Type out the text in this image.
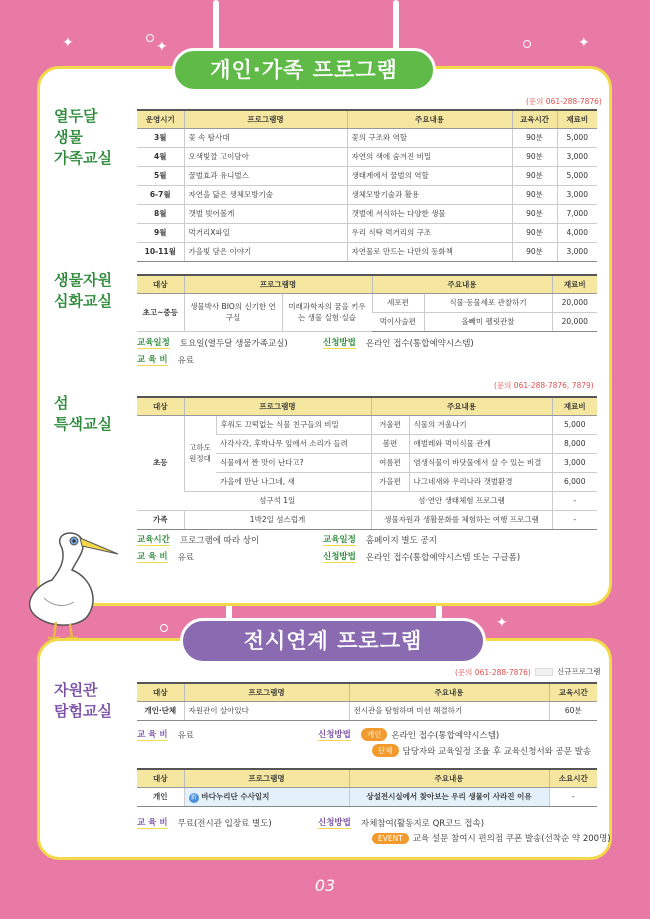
✦	✦	✦
✦
개인·가족 프로그램
열두달
생물
가족교실
(문의 061-288-7876)
운영시기	프로그램명	주요내용	교육시간	재료비
3월	꽃 속 탐사대	꽃의 구조와 역할	90분	5,000
4월	오색빛깔 고이담아	자연의 색에 숨겨진 비밀	90분	3,000
5월	꿀벌효과 유니벌스	생태계에서 꿀벌의 역할	90분	5,000
6-7월	자연을 닮은 생체모방기술	생체모방기술과 활용	90분	3,000
8월	갯벌 빚어볼게	갯벌에 서식하는 다양한 생물	90분	7,000
9월	먹거리X파일	우리 식탁 먹거리의 구조	90분	4,000
10-11월	가을빛 담은 이야기	자연물로 만드는 나만의 동화책	90분	3,000
생물자원
심화교실
대상	프로그램명		주요내용		재료비
초고~중등	생물박사 BIO의 신기한 연구실	미래과학자의 꿈을 키우는 생물 실험·실습	세포편	식물·동물세포 관찰하기	20,000
			먹이사슬편	올빼미 펠릿관찰	20,000
교육일정 토요일(열두달 생물가족교실)	신청방법 온라인 접수(통합예약시스템)
교 육 비 유료
섬
특색교실
(문의 061-288-7876, 7879)
대상	프로그램명		주요내용		재료비
초등	고하도 원정대	후워도 끄떡없는 식물 친구들의 비밀	겨울편	식물의 겨울나기	5,000
		사각사각, 후박나무 잎에서 소리가 들려	봄편	애벌레와 먹이식물 관계	8,000
		식물에서 짠 맛이 난다고?	여름편	염생식물이 바닷물에서 살 수 있는 비결	3,000
		가을에 만난 나그네, 새	가을편	나그네새와 우리나라 갯벌환경	6,000
	섬구석 1일		섬·연안 생태체험 프로그램		-
가족	1박2일 섬스럽게		생물자원과 생활문화를 체험하는 여행 프로그램		-
교육시간 프로그램에 따라 상이	교육일정 홈페이지 별도 공지
교 육 비 유료	신청방법 온라인 접수(통합예약시스템 또는 구글폼)
전시연계 프로그램
자원관
탐험교실
(문의 061-288-7876)	신규프로그램
대상	프로그램명	주요내용	교육시간
개인·단체	자원관이 살아있다	전시관을 탐험하며 미션 해결하기	60분
교 육 비 유료	신청방법	개인	온라인 접수(통합예약시스템)
단체	담당자와 교육일정 조율 후 교육신청서와 공문 발송
대상	프로그램명	주요내용	소요시간
개인	新 바다누리단 수사일지	상설전시실에서 찾아보는 우리 생물이 사라진 이유	-
교 육 비 무료(전시관 입장료 별도)	신청방법 자체참여(활동지로 QR코드 접속)
EVENT	교육 설문 참여시 편의점 쿠폰 발송(선착순 약 200명)
03
